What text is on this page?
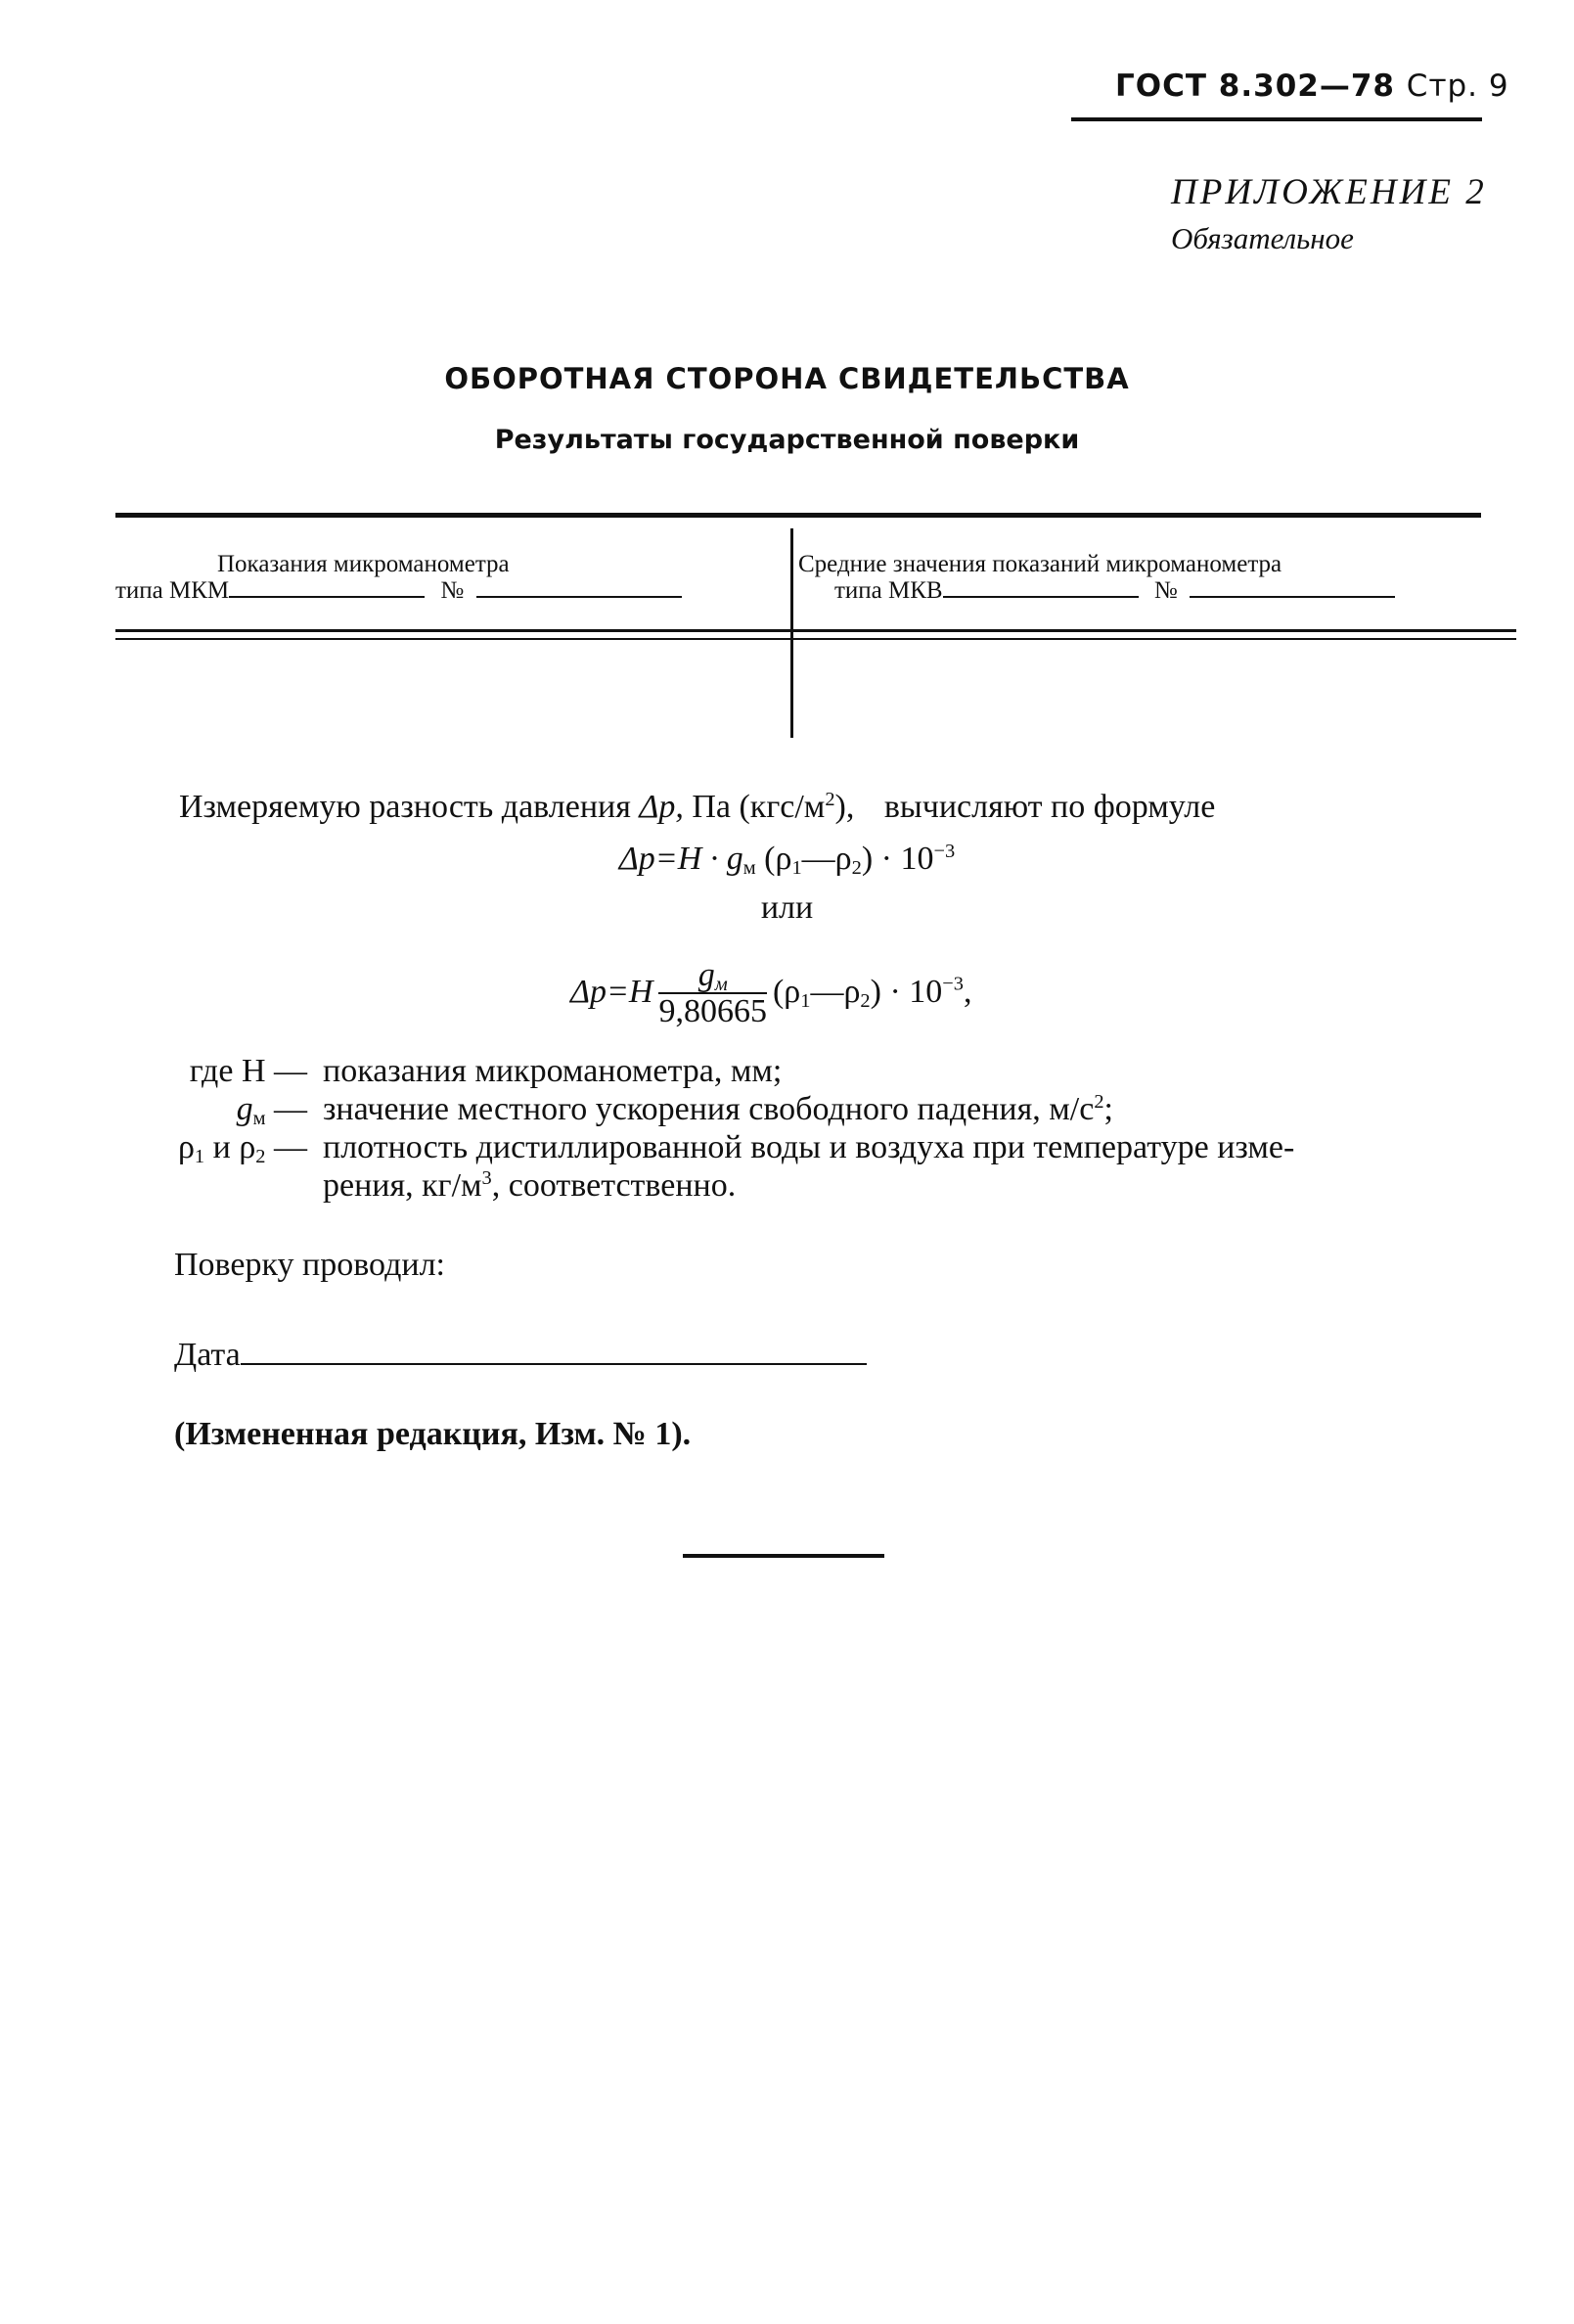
ГОСТ 8.302—78 Стр. 9
ПРИЛОЖЕНИЕ 2
Обязательное
ОБОРОТНАЯ СТОРОНА СВИДЕТЕЛЬСТВА
Результаты государственной поверки
Показания микроманометра
типа МКМ	№
Средние значения показаний микроманометра
типа МКВ	№
Измеряемую разность давления Δp, Па $(кгс/м^2)$, вычисляют по формуле
$\Delta p=H \cdot g_м$ $(\rho_1—\rho_2) \cdot 10^{-3}$
или
$\Delta p=H \frac{g_м}{9,80665}$ $(\rho_1—\rho_2) \cdot 10^{-3}$,
где H — показания микроманометра, мм;
$g_м$ — значение местного ускорения свободного падения, $м/с^2$;
$\rho_1$ и $\rho_2$ — плотность дистиллированной воды и воздуха при температуре изме-
рения, $кг/м^3$, соответственно.
Поверку проводил:
Дата
(Измененная редакция, Изм. № 1).
